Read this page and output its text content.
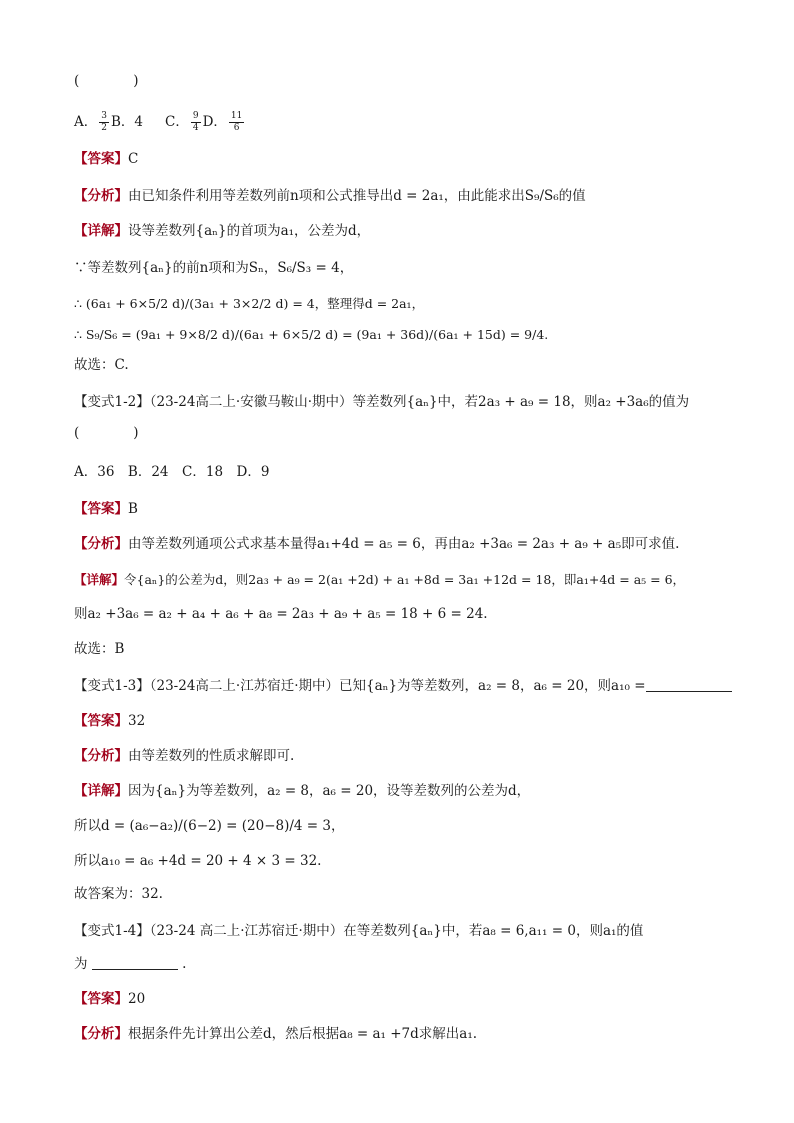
(　　　　)
A． $\frac{3}{2}$ B．4 C． $\frac{9}{4}$ D． $\frac{11}{6}$
【答案】C
【分析】由已知条件利用等差数列前n项和公式推导出d = 2a₁，由此能求出S₉/S₆的值
【详解】设等差数列{aₙ}的首项为a₁，公差为d，
∵等差数列{aₙ}的前n项和为Sₙ，S₆/S₃ = 4，
∴ (6a₁ + 6×5/2 d)/(3a₁ + 3×2/2 d) = 4，整理得d = 2a₁，
∴ S₉/S₆ = (9a₁ + 9×8/2 d)/(6a₁ + 6×5/2 d) = (9a₁ + 36d)/(6a₁ + 15d) = 9/4.
故选：C.
【变式1-2】（23-24高二上·安徽马鞍山·期中）等差数列{aₙ}中，若2a₃ + a₉ = 18，则a₂ +3a₆的值为
(　　　　)
A．36　B．24　C．18　D．9
【答案】B
【分析】由等差数列通项公式求基本量得a₁+4d = a₅ = 6，再由a₂ +3a₆ = 2a₃ + a₉ + a₅即可求值.
【详解】令{aₙ}的公差为d，则2a₃ + a₉ = 2(a₁ +2d) + a₁ +8d = 3a₁ +12d = 18，即a₁+4d = a₅ = 6，
则a₂ +3a₆ = a₂ + a₄ + a₆ + a₈ = 2a₃ + a₉ + a₅ = 18 + 6 = 24.
故选：B
【变式1-3】（23-24高二上·江苏宿迁·期中）已知{aₙ}为等差数列，a₂ = 8，a₆ = 20，则a₁₀ =
【答案】32
【分析】由等差数列的性质求解即可.
【详解】因为{aₙ}为等差数列，a₂ = 8，a₆ = 20，设等差数列的公差为d，
所以d = (a₆−a₂)/(6−2) = (20−8)/4 = 3，
所以a₁₀ = a₆ +4d = 20 + 4 × 3 = 32.
故答案为：32.
【变式1-4】（23-24 高二上·江苏宿迁·期中）在等差数列{aₙ}中，若a₈ = 6,a₁₁ = 0，则a₁的值
为	.
【答案】20
【分析】根据条件先计算出公差d，然后根据a₈ = a₁ +7d求解出a₁.
